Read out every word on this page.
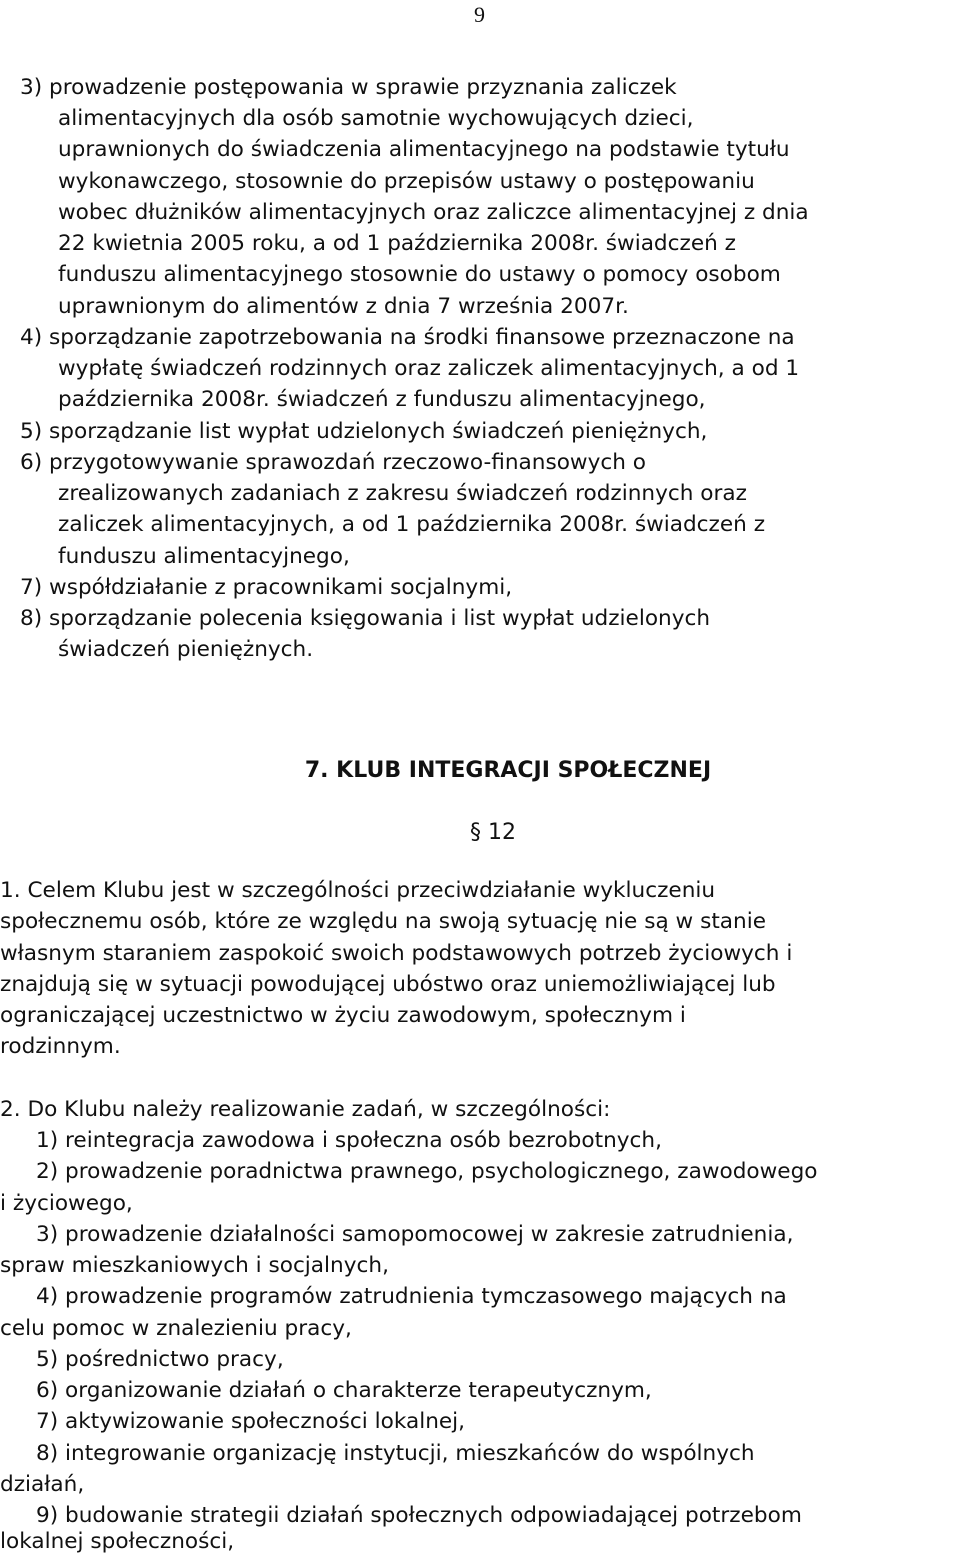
9
3) prowadzenie postępowania w sprawie przyznania zaliczek
alimentacyjnych dla osób samotnie wychowujących dzieci,
uprawnionych do świadczenia alimentacyjnego na podstawie tytułu
wykonawczego, stosownie do przepisów ustawy o postępowaniu
wobec dłużników alimentacyjnych oraz zaliczce alimentacyjnej z dnia
22 kwietnia 2005 roku, a od 1 października 2008r. świadczeń z
funduszu alimentacyjnego stosownie do ustawy o pomocy osobom
uprawnionym do alimentów z dnia 7 września 2007r.
4) sporządzanie zapotrzebowania na środki finansowe przeznaczone na
wypłatę świadczeń rodzinnych oraz zaliczek alimentacyjnych, a od 1
października 2008r. świadczeń z funduszu alimentacyjnego,
5) sporządzanie list wypłat udzielonych świadczeń pieniężnych,
6) przygotowywanie sprawozdań rzeczowo-finansowych o
zrealizowanych zadaniach z zakresu świadczeń rodzinnych oraz
zaliczek alimentacyjnych, a od 1 października 2008r. świadczeń z
funduszu alimentacyjnego,
7) współdziałanie z pracownikami socjalnymi,
8) sporządzanie polecenia księgowania i list wypłat udzielonych
świadczeń pieniężnych.
7. KLUB INTEGRACJI SPOŁECZNEJ
§ 12
1. Celem Klubu jest w szczególności przeciwdziałanie wykluczeniu
społecznemu osób, które ze względu na swoją sytuację nie są w stanie
własnym staraniem zaspokoić swoich podstawowych potrzeb życiowych i
znajdują się w sytuacji powodującej ubóstwo oraz uniemożliwiającej lub
ograniczającej uczestnictwo w życiu zawodowym, społecznym i
rodzinnym.
2. Do Klubu należy realizowanie zadań, w szczególności:
1) reintegracja zawodowa i społeczna osób bezrobotnych,
2) prowadzenie poradnictwa prawnego, psychologicznego, zawodowego
i życiowego,
3) prowadzenie działalności samopomocowej w zakresie zatrudnienia,
spraw mieszkaniowych i socjalnych,
4) prowadzenie programów zatrudnienia tymczasowego mających na
celu pomoc w znalezieniu pracy,
5) pośrednictwo pracy,
6) organizowanie działań o charakterze terapeutycznym,
7) aktywizowanie społeczności lokalnej,
8) integrowanie organizację instytucji, mieszkańców do wspólnych
działań,
9) budowanie strategii działań społecznych odpowiadającej potrzebom
lokalnej społeczności,
